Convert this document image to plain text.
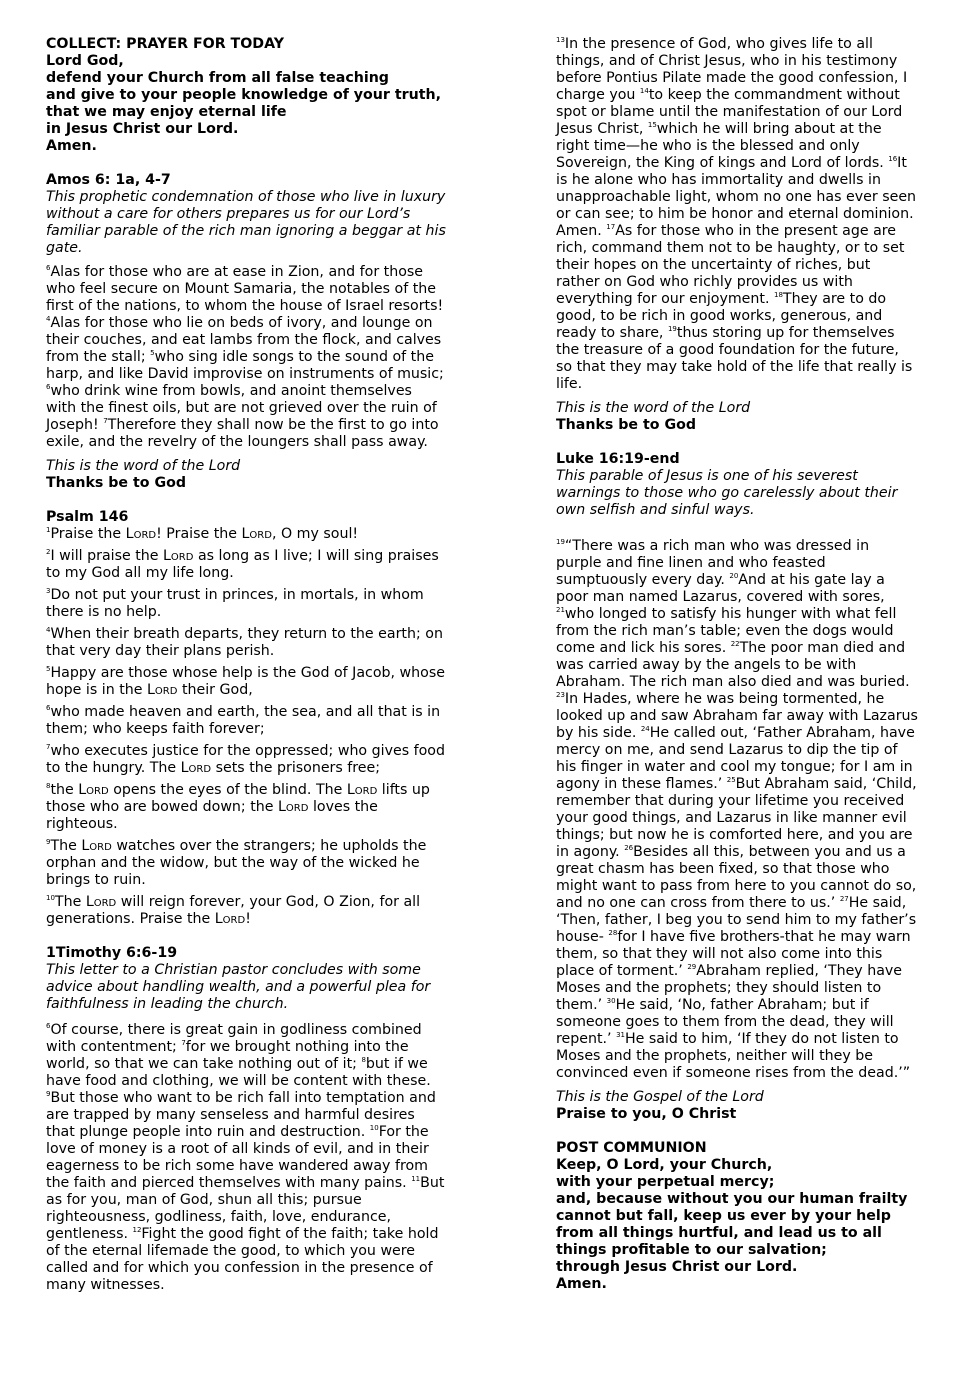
COLLECT: PRAYER FOR TODAY
Lord God,
defend your Church from all false teaching
and give to your people knowledge of your truth,
that we may enjoy eternal life
in Jesus Christ our Lord.
Amen.
Amos 6: 1a, 4-7

This prophetic condemnation of those who live in luxury without a care for others prepares us for our Lord’s familiar parable of the rich man ignoring a beggar at his gate.

$^6$Alas for those who are at ease in Zion, and for those who feel secure on Mount Samaria, the notables of the first of the nations, to whom the house of Israel resorts! $^4$Alas for those who lie on beds of ivory, and lounge on their couches, and eat lambs from the flock, and calves from the stall; $^5$who sing idle songs to the sound of the harp, and like David improvise on instruments of music; $^6$who drink wine from bowls, and anoint themselves with the finest oils, but are not grieved over the ruin of Joseph! $^7$Therefore they shall now be the first to go into exile, and the revelry of the loungers shall pass away.

This is the word of the Lord
Thanks be to God
Psalm 146

$^1$Praise the Lord! Praise the Lord, O my soul!

$^2$I will praise the Lord as long as I live; I will sing praises to my God all my life long.

$^3$Do not put your trust in princes, in mortals, in whom there is no help.

$^4$When their breath departs, they return to the earth; on that very day their plans perish.

$^5$Happy are those whose help is the God of Jacob, whose hope is in the Lord their God,

$^6$who made heaven and earth, the sea, and all that is in them; who keeps faith forever;

$^7$who executes justice for the oppressed; who gives food to the hungry. The Lord sets the prisoners free;

$^8$the Lord opens the eyes of the blind. The Lord lifts up those who are bowed down; the Lord loves the righteous.

$^9$The Lord watches over the strangers; he upholds the orphan and the widow, but the way of the wicked he brings to ruin.

$^{10}$The Lord will reign forever, your God, O Zion, for all generations. Praise the Lord!

1Timothy 6:6-19

This letter to a Christian pastor concludes with some advice about handling wealth, and a powerful plea for faithfulness in leading the church.

$^6$Of course, there is great gain in godliness combined with contentment; $^7$for we brought nothing into the world, so that we can take nothing out of it; $^8$but if we have food and clothing, we will be content with these. $^9$But those who want to be rich fall into temptation and are trapped by many senseless and harmful desires that plunge people into ruin and destruction. $^{10}$For the love of money is a root of all kinds of evil, and in their eagerness to be rich some have wandered away from the faith and pierced themselves with many pains. $^{11}$But as for you, man of God, shun all this; pursue righteousness, godliness, faith, love, endurance, gentleness. $^{12}$Fight the good fight of the faith; take hold of the eternal lifemade the good, to which you were called and for which you confession in the presence of many witnesses.

$^{13}$In the presence of God, who gives life to all things, and of Christ Jesus, who in his testimony before Pontius Pilate made the good confession, I charge you $^{14}$to keep the commandment without spot or blame until the manifestation of our Lord Jesus Christ, $^{15}$which he will bring about at the right time—he who is the blessed and only Sovereign, the King of kings and Lord of lords. $^{16}$It is he alone who has immortality and dwells in unapproachable light, whom no one has ever seen or can see; to him be honor and eternal dominion. Amen. $^{17}$As for those who in the present age are rich, command them not to be haughty, or to set their hopes on the uncertainty of riches, but rather on God who richly provides us with everything for our enjoyment. $^{18}$They are to do good, to be rich in good works, generous, and ready to share, $^{19}$thus storing up for themselves the treasure of a good foundation for the future, so that they may take hold of the life that really is life.

This is the word of the Lord
Thanks be to God
Luke 16:19-end

This parable of Jesus is one of his severest warnings to those who go carelessly about their own selfish and sinful ways.

$^{19}$“There was a rich man who was dressed in purple and fine linen and who feasted sumptuously every day. $^{20}$And at his gate lay a poor man named Lazarus, covered with sores, $^{21}$who longed to satisfy his hunger with what fell from the rich man’s table; even the dogs would come and lick his sores. $^{22}$The poor man died and was carried away by the angels to be with Abraham. The rich man also died and was buried. $^{23}$In Hades, where he was being tormented, he looked up and saw Abraham far away with Lazarus by his side. $^{24}$He called out, ‘Father Abraham, have mercy on me, and send Lazarus to dip the tip of his finger in water and cool my tongue; for I am in agony in these flames.’ $^{25}$But Abraham said, ‘Child, remember that during your lifetime you received your good things, and Lazarus in like manner evil things; but now he is comforted here, and you are in agony. $^{26}$Besides all this, between you and us a great chasm has been fixed, so that those who might want to pass from here to you cannot do so, and no one can cross from there to us.’ $^{27}$He said, ‘Then, father, I beg you to send him to my father’s house- $^{28}$for I have five brothers-that he may warn them, so that they will not also come into this place of torment.’ $^{29}$Abraham replied, ‘They have Moses and the prophets; they should listen to them.’ $^{30}$He said, ‘No, father Abraham; but if someone goes to them from the dead, they will repent.’ $^{31}$He said to him, ‘If they do not listen to Moses and the prophets, neither will they be convinced even if someone rises from the dead.’”

This is the Gospel of the Lord
Praise to you, O Christ
POST COMMUNION
Keep, O Lord, your Church,
with your perpetual mercy;
and, because without you our human frailty cannot but fall, keep us ever by your help from all things hurtful, and lead us to all things profitable to our salvation;
through Jesus Christ our Lord.
Amen.
